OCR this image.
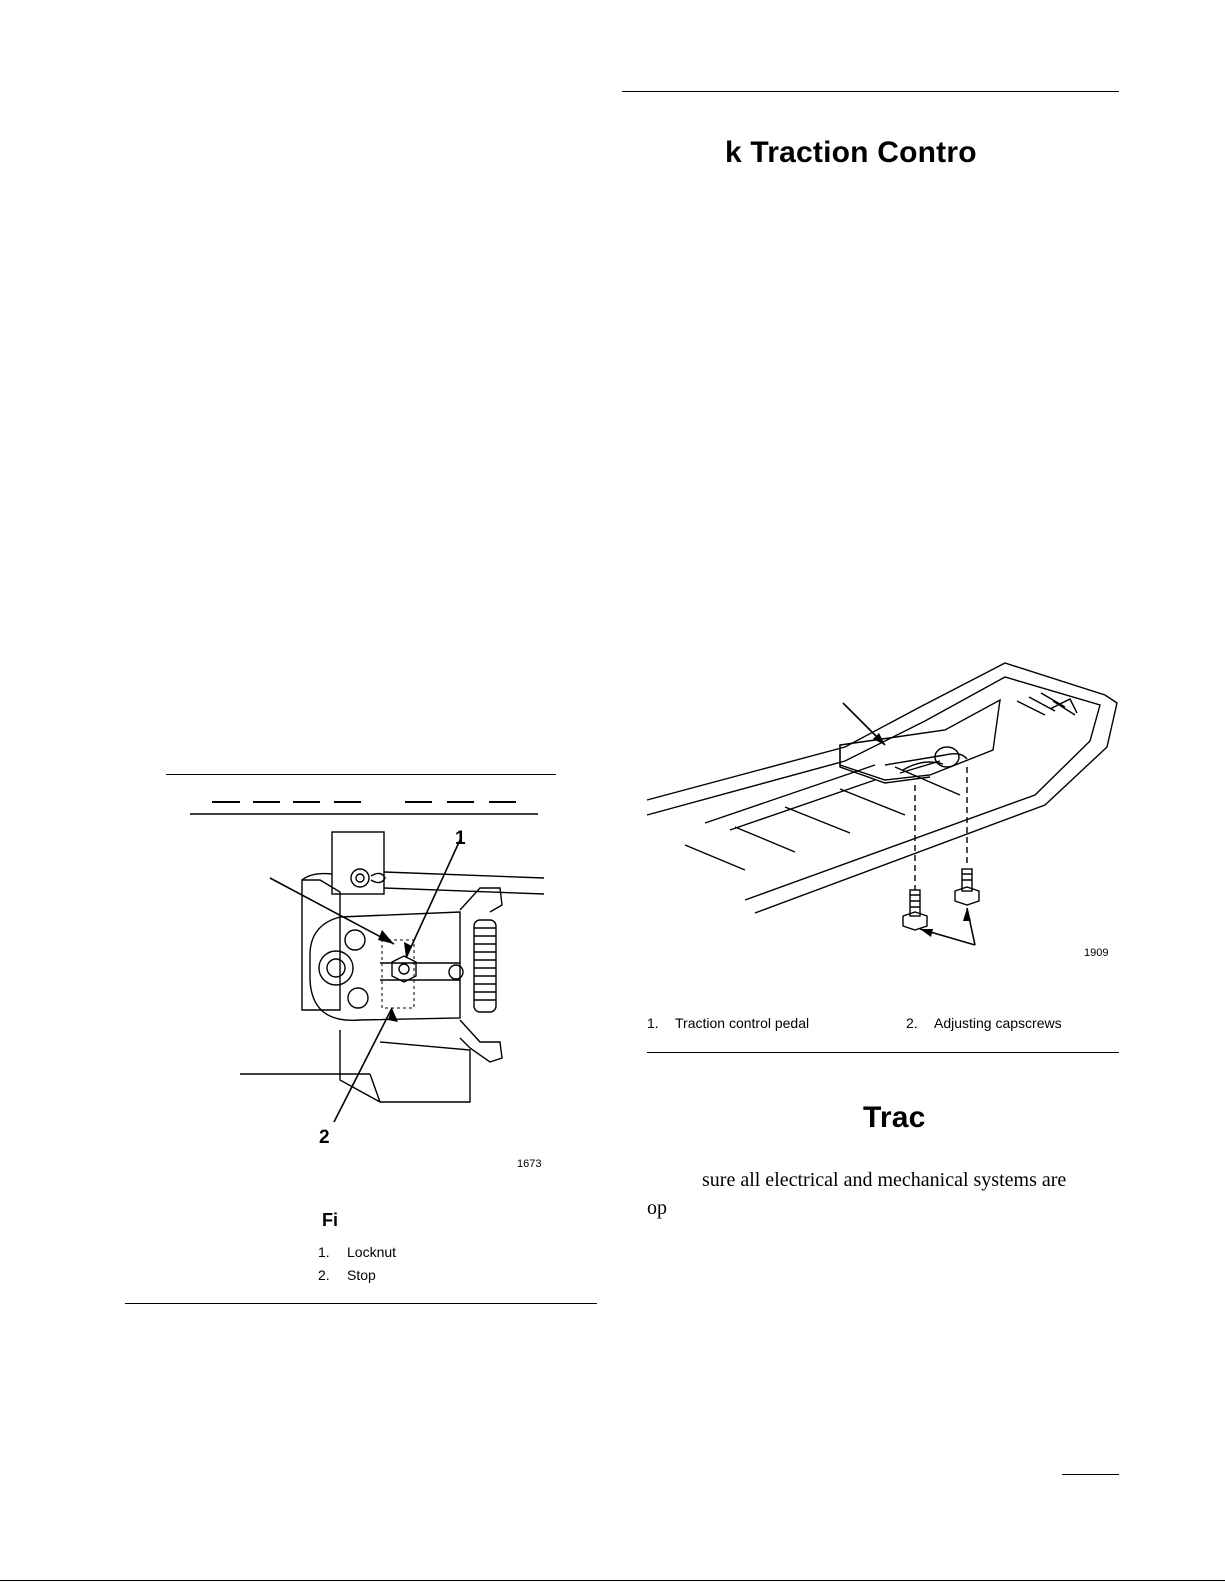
k Traction Contro
1
2
1673
Fi
1. Locknut
2. Stop
1909
1. Traction control pedal	2. Adjusting capscrews
Trac
sure all electrical and mechanical systems are
op
